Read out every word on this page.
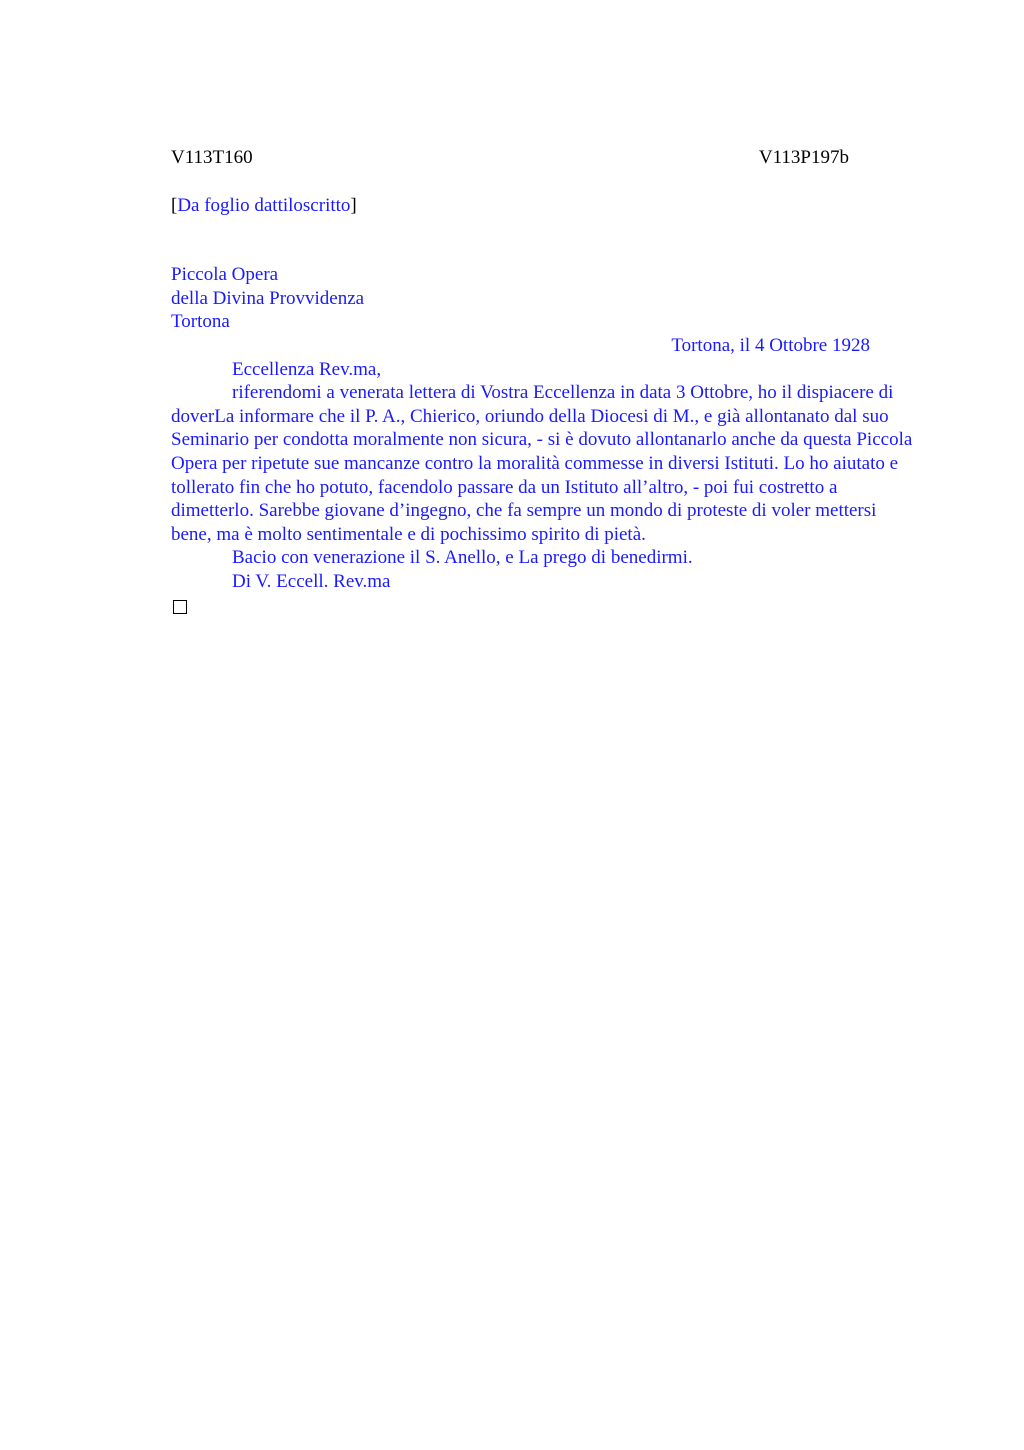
V113T160	V113P197b

[Da foglio dattiloscritto]

Piccola Opera

della Divina Provvidenza

Tortona

Tortona, il 4 Ottobre 1928

Eccellenza Rev.ma,

riferendomi a venerata lettera di Vostra Eccellenza in data 3 Ottobre, ho il dispiacere di doverLa informare che il P. A., Chierico, oriundo della Diocesi di M., e già allontanato dal suo Seminario per condotta moralmente non sicura, - si è dovuto allontanarlo anche da questa Piccola Opera per ripetute sue mancanze contro la moralità commesse in diversi Istituti. Lo ho aiutato e tollerato fin che ho potuto, facendolo passare da un Istituto all’altro, - poi fui costretto a dimetterlo. Sarebbe giovane d’ingegno, che fa sempre un mondo di proteste di voler mettersi bene, ma è molto sentimentale e di pochissimo spirito di pietà.

Bacio con venerazione il S. Anello, e La prego di benedirmi.

Di V. Eccell. Rev.ma
